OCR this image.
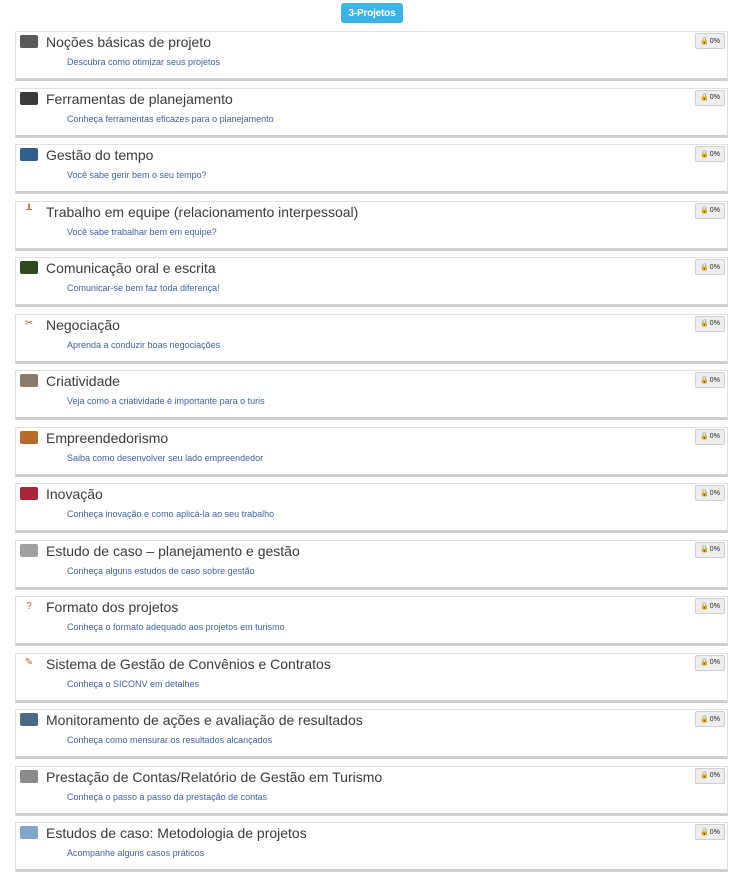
3-Projetos
Noções básicas de projeto
Descubra como otimizar seus projetos
🔒 0%
Ferramentas de planejamento
Conheça ferramentas eficazes para o planejamento
🔒 0%
Gestão do tempo
Você sabe gerir bem o seu tempo?
🔒 0%
┸ Trabalho em equipe (relacionamento interpessoal)
Você sabe trabalhar bem em equipe?
🔒 0%
Comunicação oral e escrita
Comunicar-se bem faz toda diferença!
🔒 0%
✂ Negociação
Aprenda a conduzir boas negociações
🔒 0%
Criatividade
Veja como a criatividade é importante para o turis
🔒 0%
Empreendedorismo
Saiba como desenvolver seu lado empreendedor
🔒 0%
Inovação
Conheça inovação e como aplicá-la ao seu trabalho
🔒 0%
Estudo de caso – planejamento e gestão
Conheça alguns estudos de caso sobre gestão
🔒 0%
?	Formato dos projetos
Conheça o formato adequado aos projetos em turismo
🔒 0%
✎ Sistema de Gestão de Convênios e Contratos
Conheça o SICONV em detalhes
🔒 0%
Monitoramento de ações e avaliação de resultados
Conheça como mensurar os resultados alcançados
🔒 0%
Prestação de Contas/Relatório de Gestão em Turismo
Conheça o passo a passo da prestação de contas
🔒 0%
Estudos de caso: Metodologia de projetos
Acompanhe alguns casos práticos
🔒 0%
